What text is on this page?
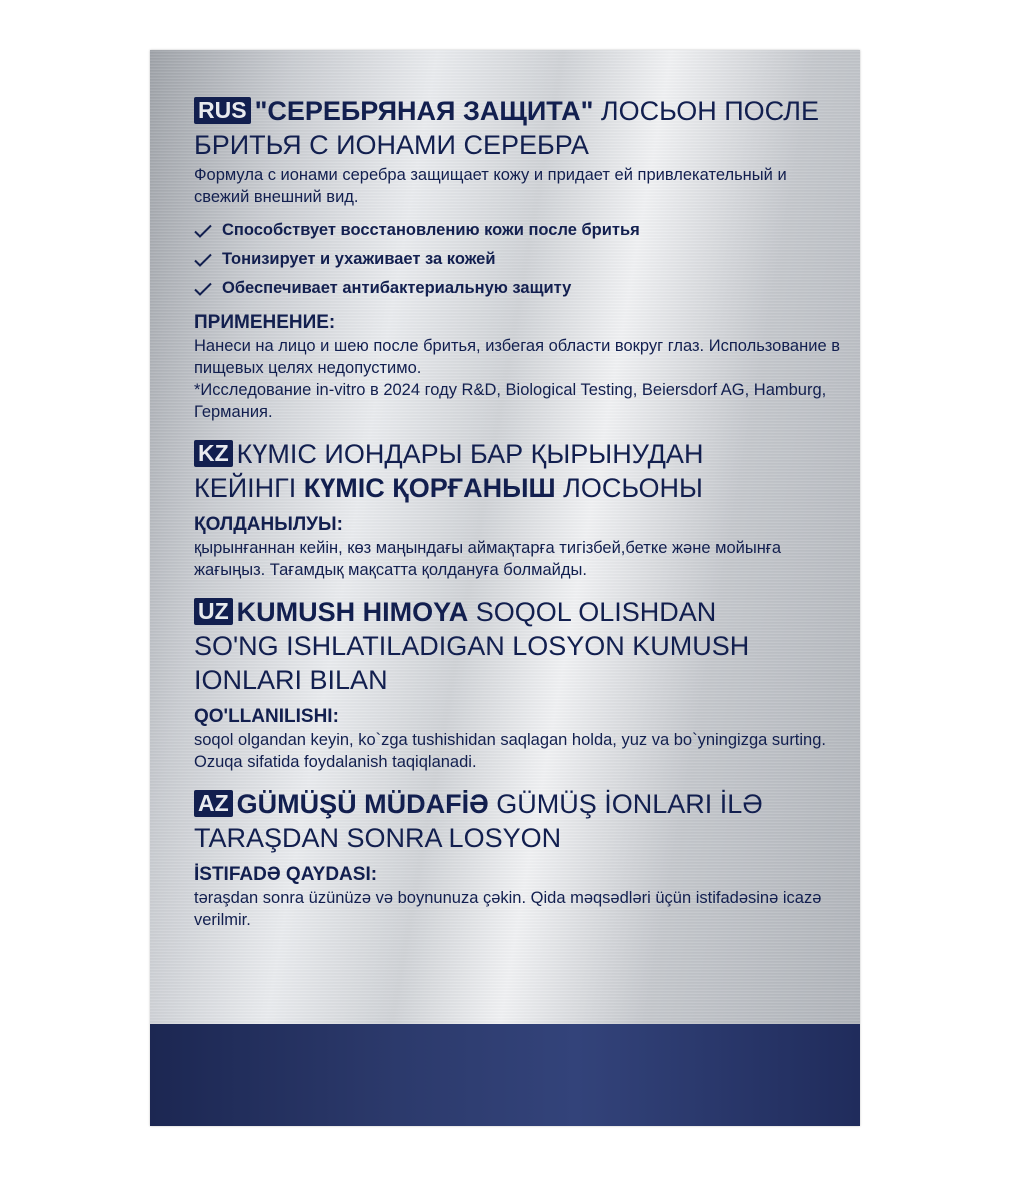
RUS "СЕРЕБРЯНАЯ ЗАЩИТА" ЛОСЬОН ПОСЛЕ
БРИТЬЯ С ИОНАМИ СЕРЕБРА

Формула с ионами серебра защищает кожу и придает ей привлекательный и свежий внешний вид.

Способствует восстановлению кожи после бритья
Тонизирует и ухаживает за кожей
Обеспечивает антибактериальную защиту

ПРИМЕНЕНИЕ:

Нанеси на лицо и шею после бритья, избегая области вокруг глаз. Использование в пищевых целях недопустимо.

*Исследование in-vitro в 2024 году R&D, Biological Testing, Beiersdorf AG, Hamburg, Германия.

KZ КҮМІС ИОНДАРЫ БАР ҚЫРЫНУДАН
КЕЙІНГІ КҮМІС ҚОРҒАНЫШ ЛОСЬОНЫ

ҚОЛДАНЫЛУЫ:

қырынғаннан кейін, көз маңындағы аймақтарға тигізбей,бетке және мойынға жағыңыз. Тағамдық мақсатта қолдануға болмайды.

UZ KUMUSH HIMOYA SOQOL OLISHDAN
SO'NG ISHLATILADIGAN LOSYON KUMUSH
IONLARI BILAN

QO'LLANILISHI:

soqol olgandan keyin, ko`zga tushishidan saqlagan holda, yuz va bo`yningizga surting. Ozuqa sifatida foydalanish taqiqlanadi.

AZ GÜMÜŞÜ MÜDAFİƏ GÜMÜŞ İONLARI İLƏ
TARAŞDAN SONRA LOSYON

İSTIFADƏ QAYDASI:

təraşdan sonra üzünüzə və boynunuza çəkin. Qida məqsədləri üçün istifadəsinə icazə verilmir.
